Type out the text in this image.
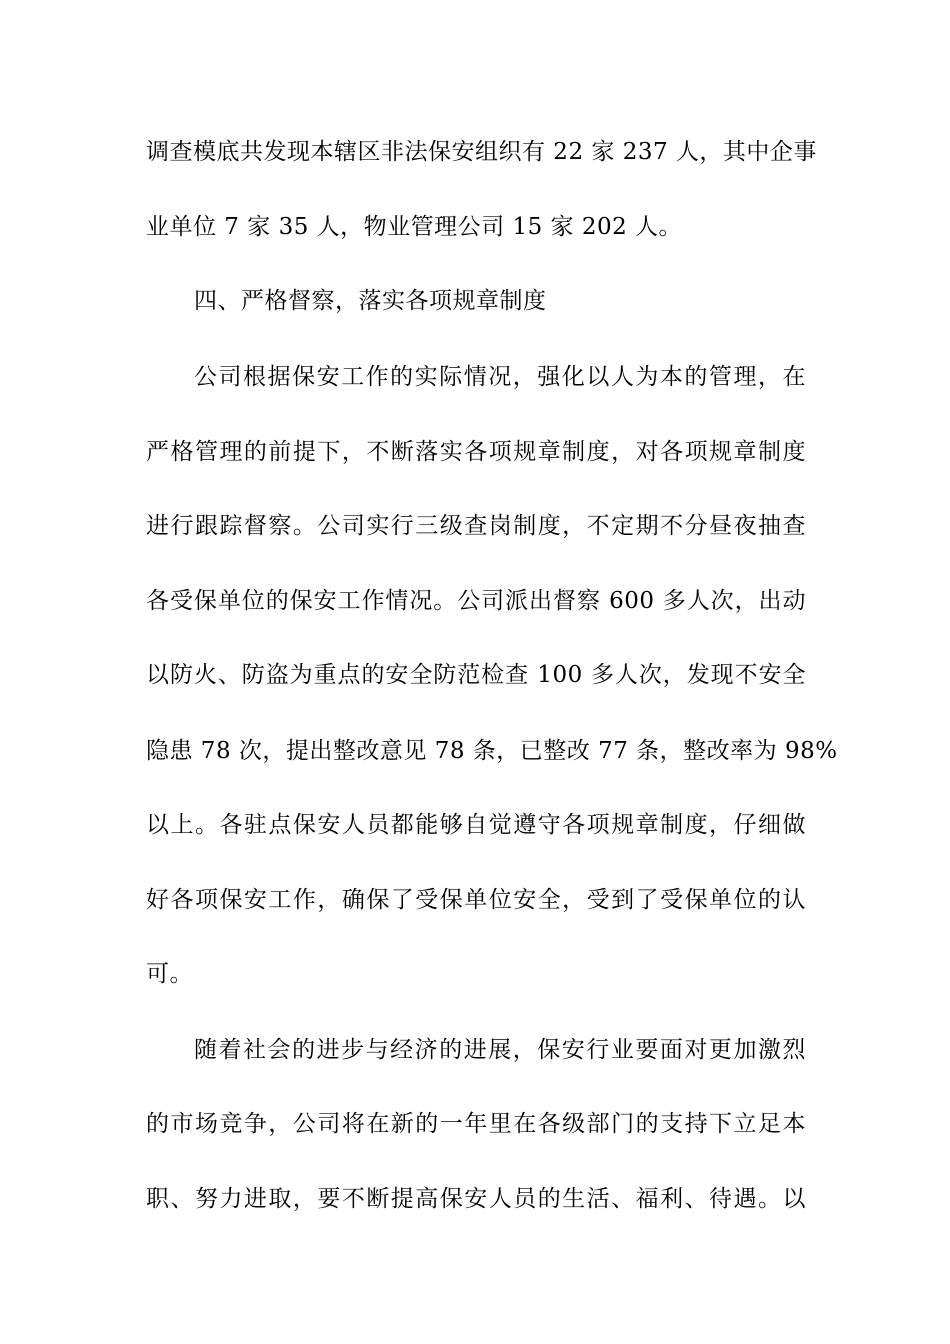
调查模底共发现本辖区非法保安组织有 22 家 237 人，其中企事
业单位 7 家 35 人，物业管理公司 15 家 202 人。
四、严格督察，落实各项规章制度
公司根据保安工作的实际情况，强化以人为本的管理，在
严格管理的前提下，不断落实各项规章制度，对各项规章制度
进行跟踪督察。公司实行三级查岗制度，不定期不分昼夜抽查
各受保单位的保安工作情况。公司派出督察 600 多人次，出动
以防火、防盗为重点的安全防范检查 100 多人次，发现不安全
隐患 78 次，提出整改意见 78 条，已整改 77 条，整改率为 98%
以上。各驻点保安人员都能够自觉遵守各项规章制度，仔细做
好各项保安工作，确保了受保单位安全，受到了受保单位的认
可。
随着社会的进步与经济的进展，保安行业要面对更加激烈
的市场竞争，公司将在新的一年里在各级部门的支持下立足本
职、努力进取，要不断提高保安人员的生活、福利、待遇。以
